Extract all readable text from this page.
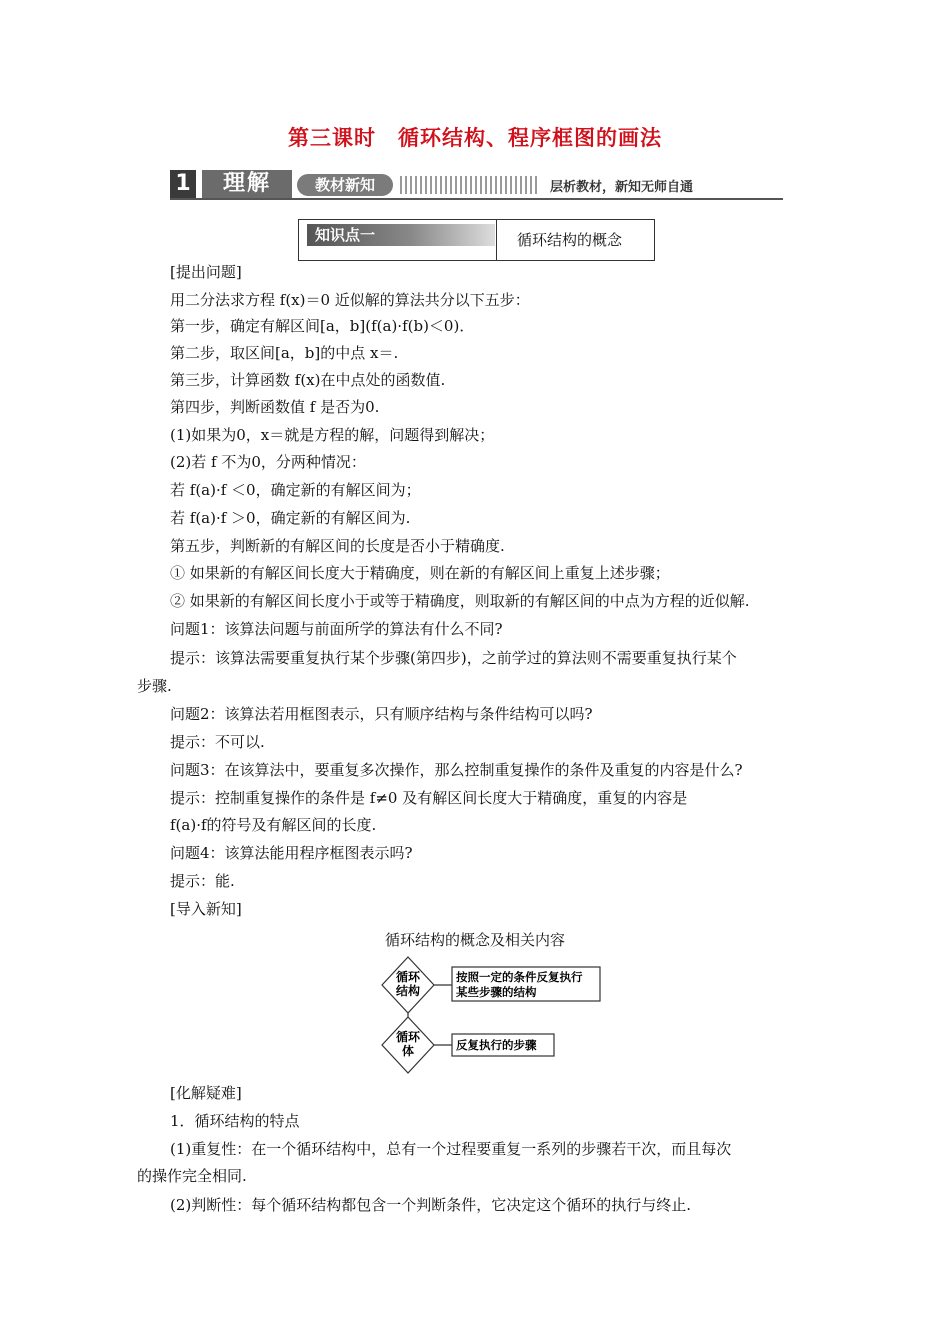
第三课时　循环结构、程序框图的画法
1	理解	教材新知	层析教材，新知无师自通
知识点一	循环结构的概念
[提出问题]
用二分法求方程 f(x)＝0 近似解的算法共分以下五步：
第一步，确定有解区间[a，b](f(a)·f(b)＜0)．
第二步，取区间[a，b]的中点 x＝.
第三步，计算函数 f(x)在中点处的函数值.
第四步，判断函数值 f 是否为0.
(1)如果为0，x＝就是方程的解，问题得到解决；
(2)若 f 不为0，分两种情况：
若 f(a)·f ＜0，确定新的有解区间为；
若 f(a)·f ＞0，确定新的有解区间为.
第五步，判断新的有解区间的长度是否小于精确度.
① 如果新的有解区间长度大于精确度，则在新的有解区间上重复上述步骤；
② 如果新的有解区间长度小于或等于精确度，则取新的有解区间的中点为方程的近似解.
问题1：该算法问题与前面所学的算法有什么不同?
提示：该算法需要重复执行某个步骤(第四步)，之前学过的算法则不需要重复执行某个
步骤.
问题2：该算法若用框图表示，只有顺序结构与条件结构可以吗?
提示：不可以.
问题3：在该算法中，要重复多次操作，那么控制重复操作的条件及重复的内容是什么?
提示：控制重复操作的条件是 f≠0 及有解区间长度大于精确度，重复的内容是
f(a)·f的符号及有解区间的长度.
问题4：该算法能用程序框图表示吗?
提示：能.
[导入新知]
循环结构的概念及相关内容
循环
结构
按照一定的条件反复执行
某些步骤的结构
循环
体	反复执行的步骤
[化解疑难]
1．循环结构的特点
(1)重复性：在一个循环结构中，总有一个过程要重复一系列的步骤若干次，而且每次
的操作完全相同.
(2)判断性：每个循环结构都包含一个判断条件，它决定这个循环的执行与终止.
